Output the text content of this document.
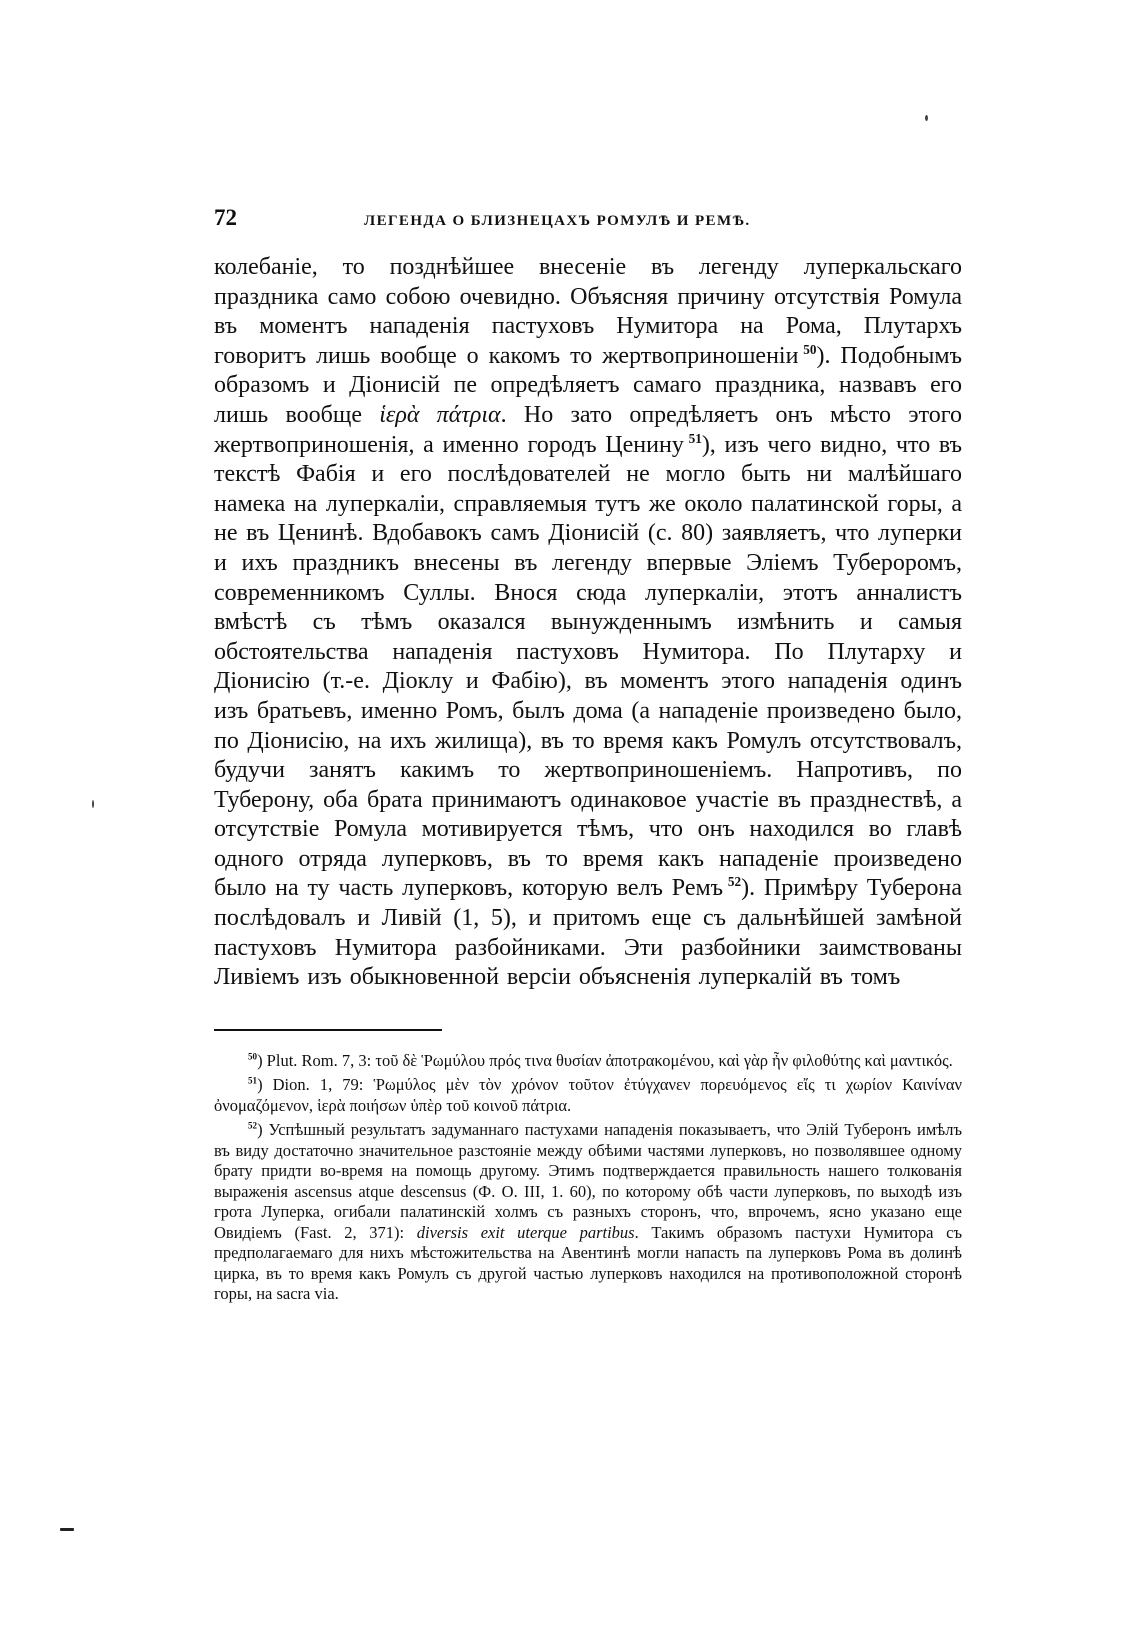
72	ЛЕГЕНДА О БЛИЗНЕЦАХЪ РОМУЛѢ И РЕМѢ.
колебаніе, то позднѣйшее внесеніе въ легенду луперкальскаго праздника само собою очевидно. Объясняя причину отсутствія Ромула въ моментъ нападенія пастуховъ Нумитора на Рома, Плутархъ говоритъ лишь вообще о какомъ то жертвоприношеніи  $^{50}$). Подобнымъ образомъ и Діонисій пе опредѣляетъ самаго праздника, назвавъ его лишь вообще ἱερὰ πάτρια. Но зато опредѣляетъ онъ мѣсто этого жертвоприношенія, а именно городъ Ценину  $^{51}$), изъ чего видно, что въ текстѣ Фабія и его послѣдователей не могло быть ни малѣйшаго намека на луперкаліи, справляемыя тутъ же около палатинской горы, а не въ Ценинѣ. Вдобавокъ самъ Діонисій (с. 80) заявляетъ, что луперки и ихъ праздникъ внесены въ легенду впервые Эліемъ Тубероромъ, современникомъ Суллы. Внося сюда луперкаліи, этотъ анналистъ вмѣстѣ съ тѣмъ оказался вынужденнымъ измѣнить и самыя обстоятельства нападенія пастуховъ Нумитора. По Плутарху и Діонисію (т.-е. Діоклу и Фабію), въ моментъ этого нападенія одинъ изъ братьевъ, именно Ромъ, былъ дома (а нападеніе произведено было, по Діонисію, на ихъ жилища), въ то время какъ Ромулъ отсутствовалъ, будучи занятъ какимъ то жертвоприношеніемъ. Напротивъ, по Туберону, оба брата принимаютъ одинаковое участіе въ празднествѣ, а отсутствіе Ромула мотивируется тѣмъ, что онъ находился во главѣ одного отряда луперковъ, въ то время какъ нападеніе произведено было на ту часть луперковъ, которую велъ Ремъ  $^{52}$). Примѣру Туберона послѣдовалъ и Ливій (1, 5), и притомъ еще съ дальнѣйшей замѣной пастуховъ Нумитора разбойниками. Эти разбойники заимствованы Ливіемъ изъ обыкновенной версіи объясненія луперкалій въ томъ

$^{50}$) Plut. Rom. 7, 3: τοῦ δὲ Ῥωμύλου πρός τινα θυσίαν ἀποτρακομένου, καὶ γὰρ ἦν φιλοθύτης καὶ μαντικός.

$^{51}$) Dion. 1, 79: Ῥωμύλος μὲν τὸν χρόνον τοῦτον ἐτύγχανεν πορευόμενος εἴς τι χωρίον Καινίναν ὀνομαζόμενον, ἱερὰ ποιήσων ὑπὲρ τοῦ κοινοῦ πάτρια.

$^{52}$) Успѣшный результатъ задуманнаго пастухами нападенія показываетъ, что Элій Туберонъ имѣлъ въ виду достаточно значительное разстояніе между обѣими частями луперковъ, но позволявшее одному брату придти во-время на помощь другому. Этимъ подтверждается правильность нашего толкованія выраженія ascensus atque descensus (Ф. О. III, 1. 60), по которому обѣ части луперковъ, по выходѣ изъ грота Луперка, огибали палатинскій холмъ съ разныхъ сторонъ, что, впрочемъ, ясно указано еще Овидіемъ (Fast. 2, 371): diversis exit uterque partibus. Такимъ образомъ пастухи Нумитора съ предполагаемаго для нихъ мѣстожительства на Авентинѣ могли напасть па луперковъ Рома въ долинѣ цирка, въ то время какъ Ромулъ съ другой частью луперковъ находился на противоположной сторонѣ горы, на sacra via.
